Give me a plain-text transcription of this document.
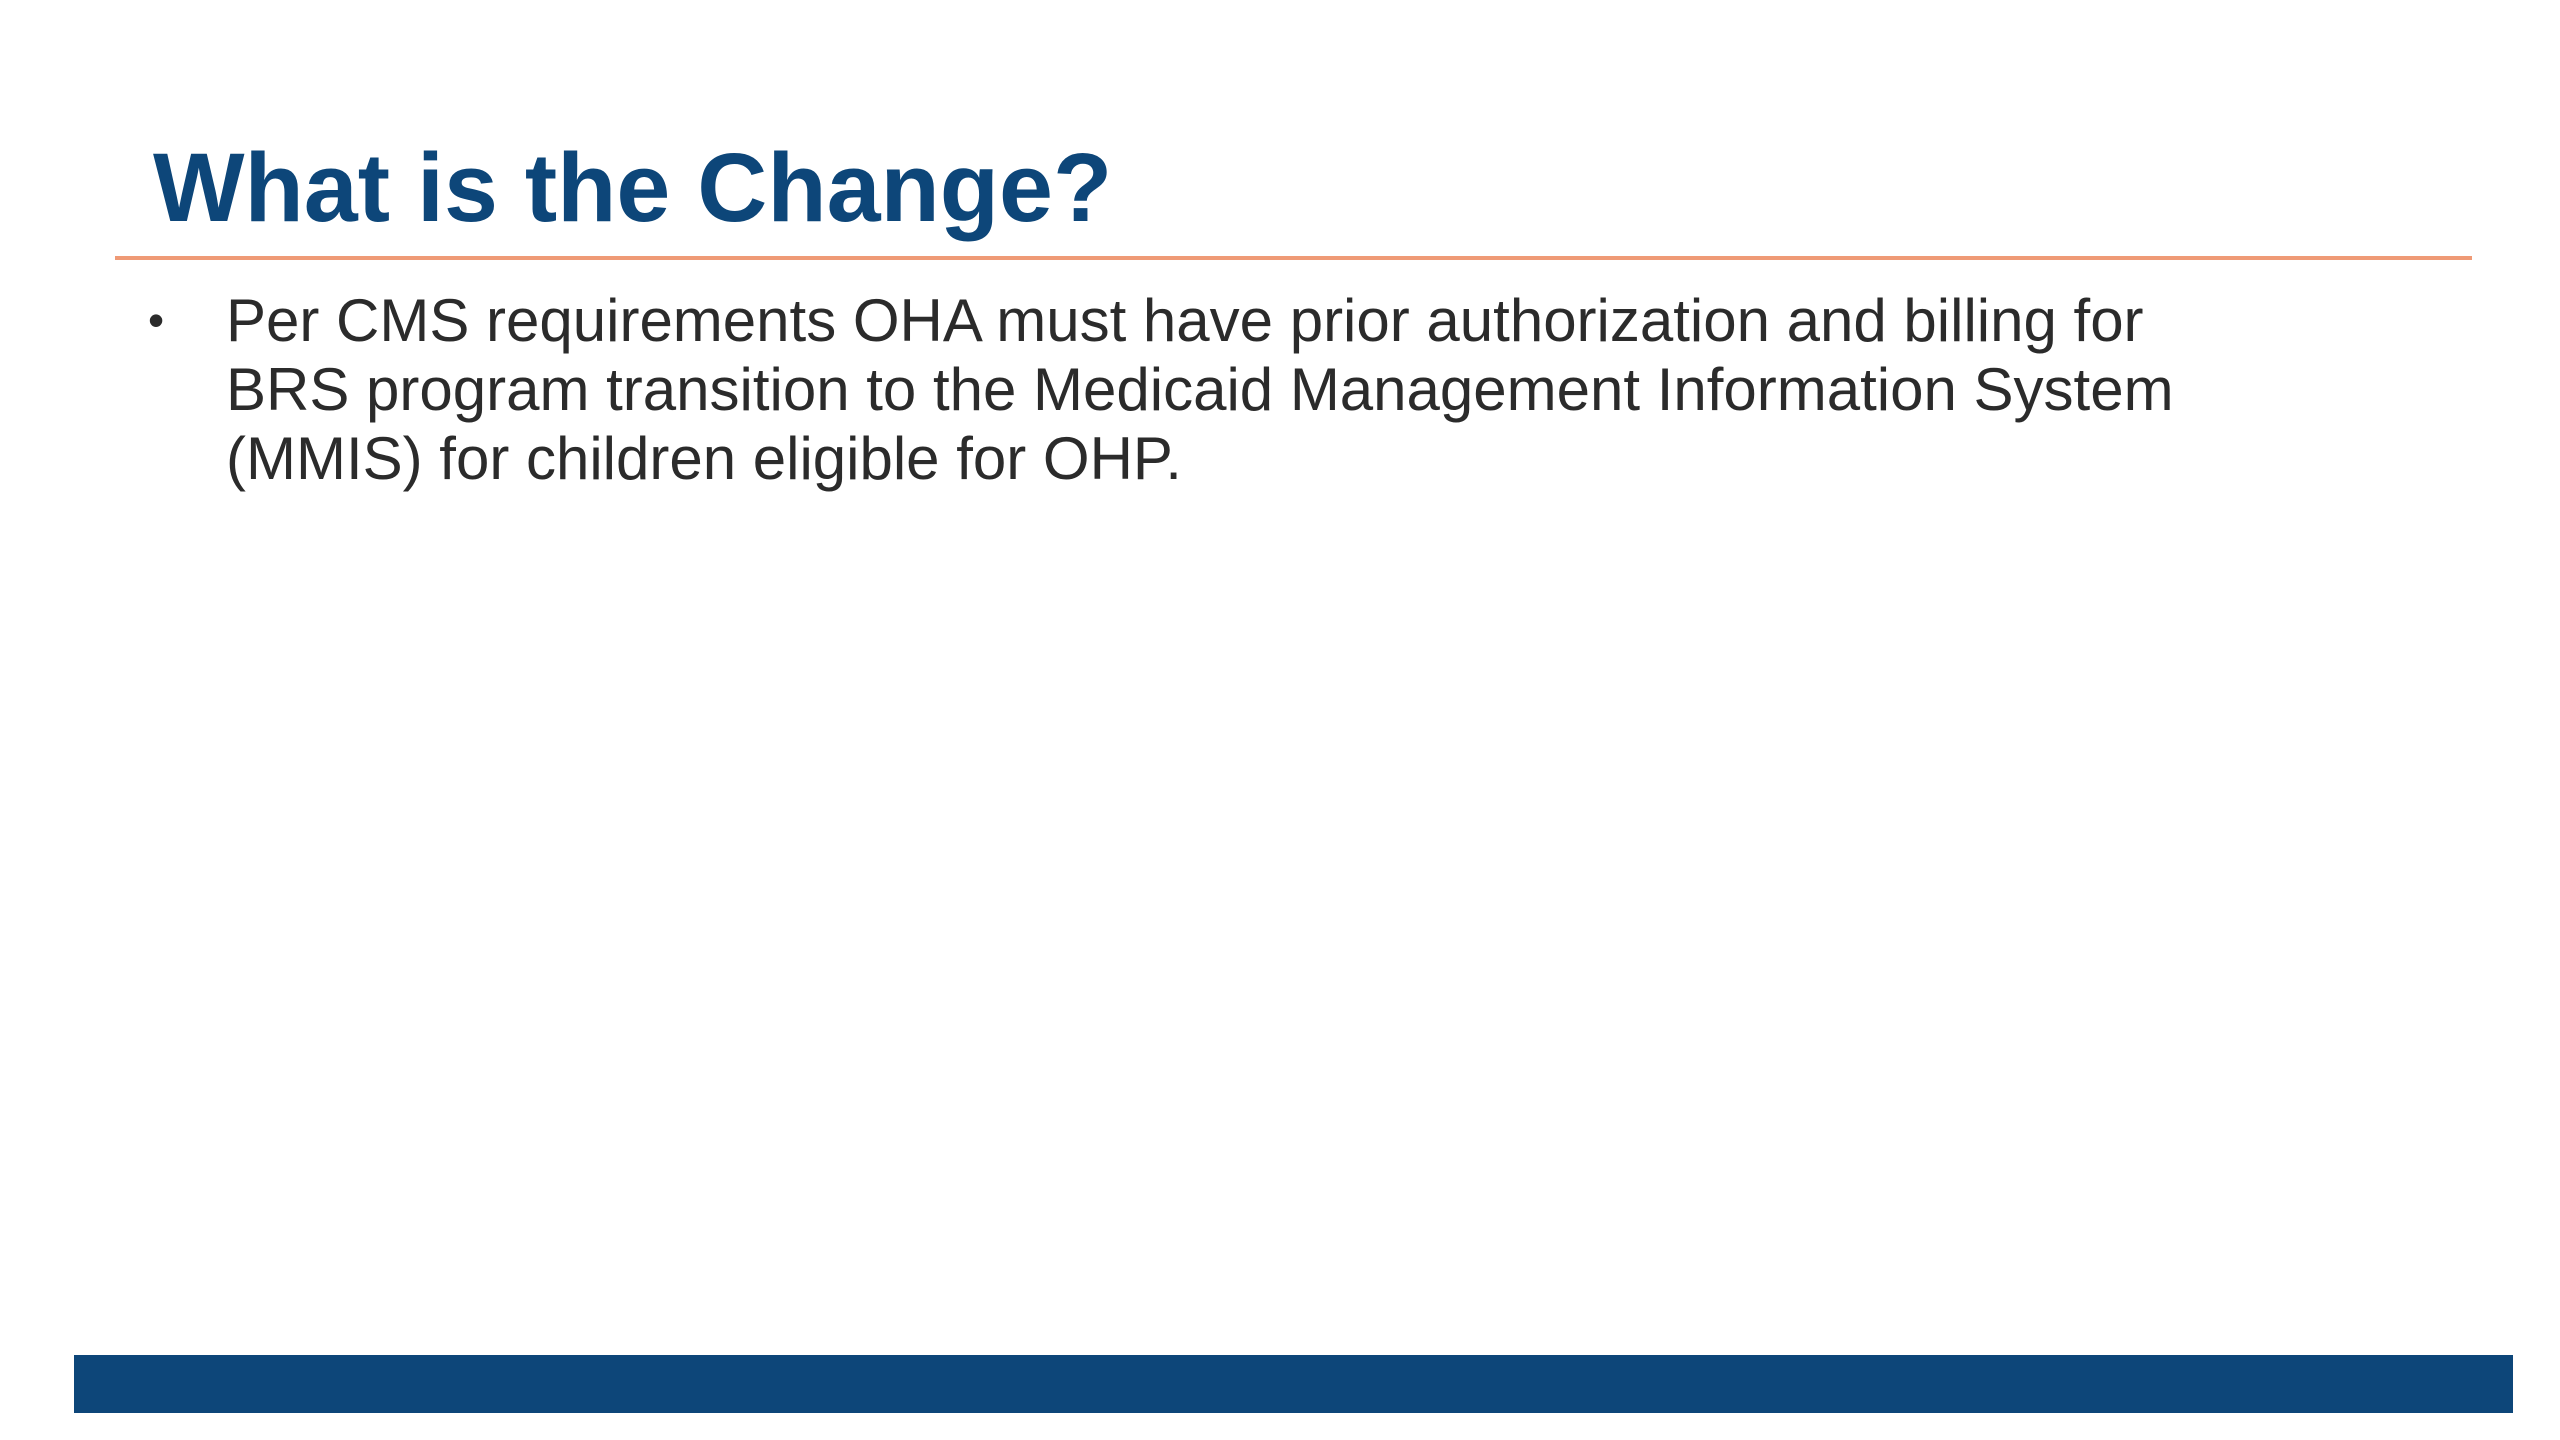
What is the Change?
•	Per CMS requirements OHA must have prior authorization and billing for BRS program transition to the Medicaid Management Information System (MMIS) for children eligible for OHP.
